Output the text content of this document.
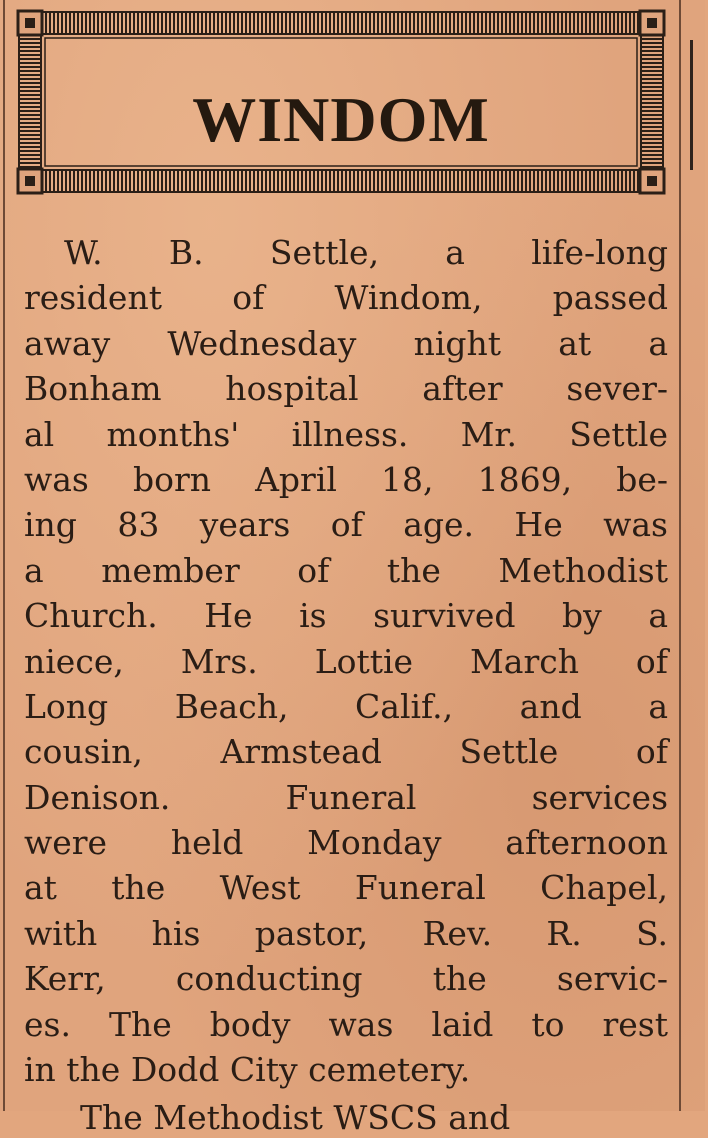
WINDOM
W. B. Settle, a life-long
resident of Windom, passed
away Wednesday night at a
Bonham hospital after sever-
al months' illness. Mr. Settle
was born April 18, 1869, be-
ing 83 years of age. He was
a member of the Methodist
Church. He is survived by a
niece, Mrs. Lottie March of
Long Beach, Calif., and a
cousin, Armstead Settle of
Denison. Funeral services
were held Monday afternoon
at the West Funeral Chapel,
with his pastor, Rev. R. S.
Kerr, conducting the servic-
es. The body was laid to rest
in the Dodd City cemetery.
The Methodist WSCS and
